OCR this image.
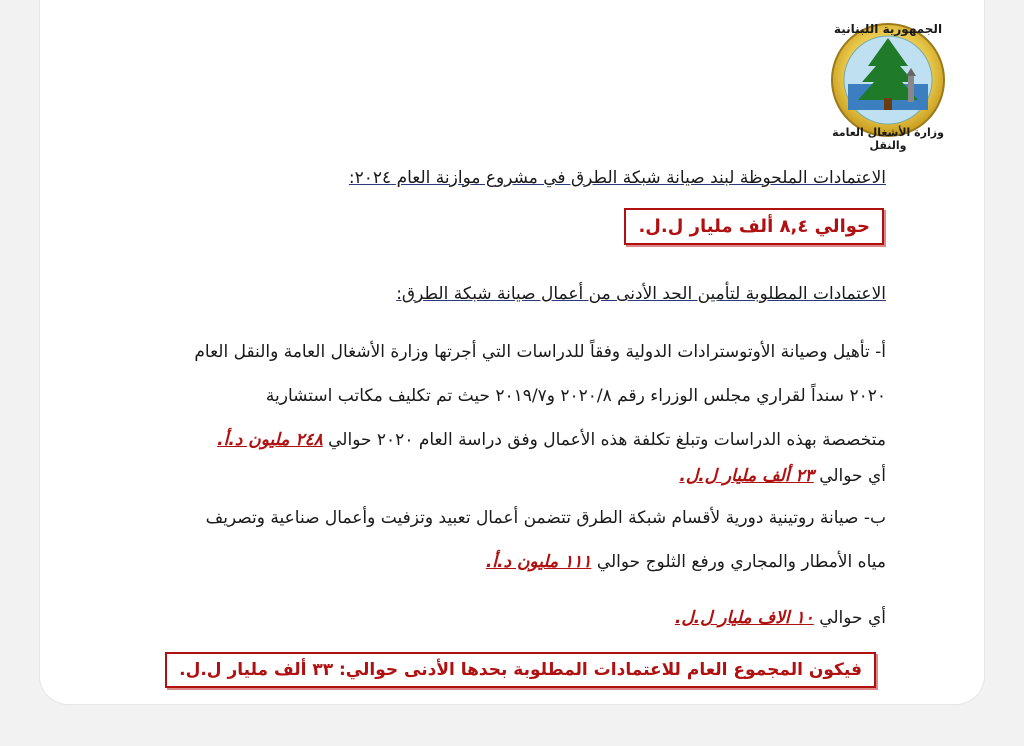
الجمهورية اللبنانية
وزارة الأشغال العامة والنقل
الاعتمادات الملحوظة لبند صيانة شبكة الطرق في مشروع موازنة العام ٢٠٢٤:
حوالي ٨,٤ ألف مليار ل.ل.
الاعتمادات المطلوبة لتأمين الحد الأدنى من أعمال صيانة شبكة الطرق:
أ- تأهيل وصيانة الأوتوسترادات الدولية وفقاً للدراسات التي أجرتها وزارة الأشغال العامة والنقل العام
٢٠٢٠ سنداً لقراري مجلس الوزراء رقم ٢٠٢٠/٨ و٢٠١٩/٧ حيث تم تكليف مكاتب استشارية
متخصصة بهذه الدراسات وتبلغ تكلفة هذه الأعمال وفق دراسة العام ٢٠٢٠ حوالي ٢٤٨ مليون د.أ.
أي حوالي ٢٣ ألف مليار ل.ل.
ب- صيانة روتينية دورية لأقسام شبكة الطرق تتضمن أعمال تعبيد وتزفيت وأعمال صناعية وتصريف
مياه الأمطار والمجاري ورفع الثلوج حوالي ١١١ مليون د.أ.
أي حوالي ١٠ الاف مليار ل.ل.
فيكون المجموع العام للاعتمادات المطلوبة بحدها الأدنى حوالي: ٣٣ ألف مليار ل.ل.
